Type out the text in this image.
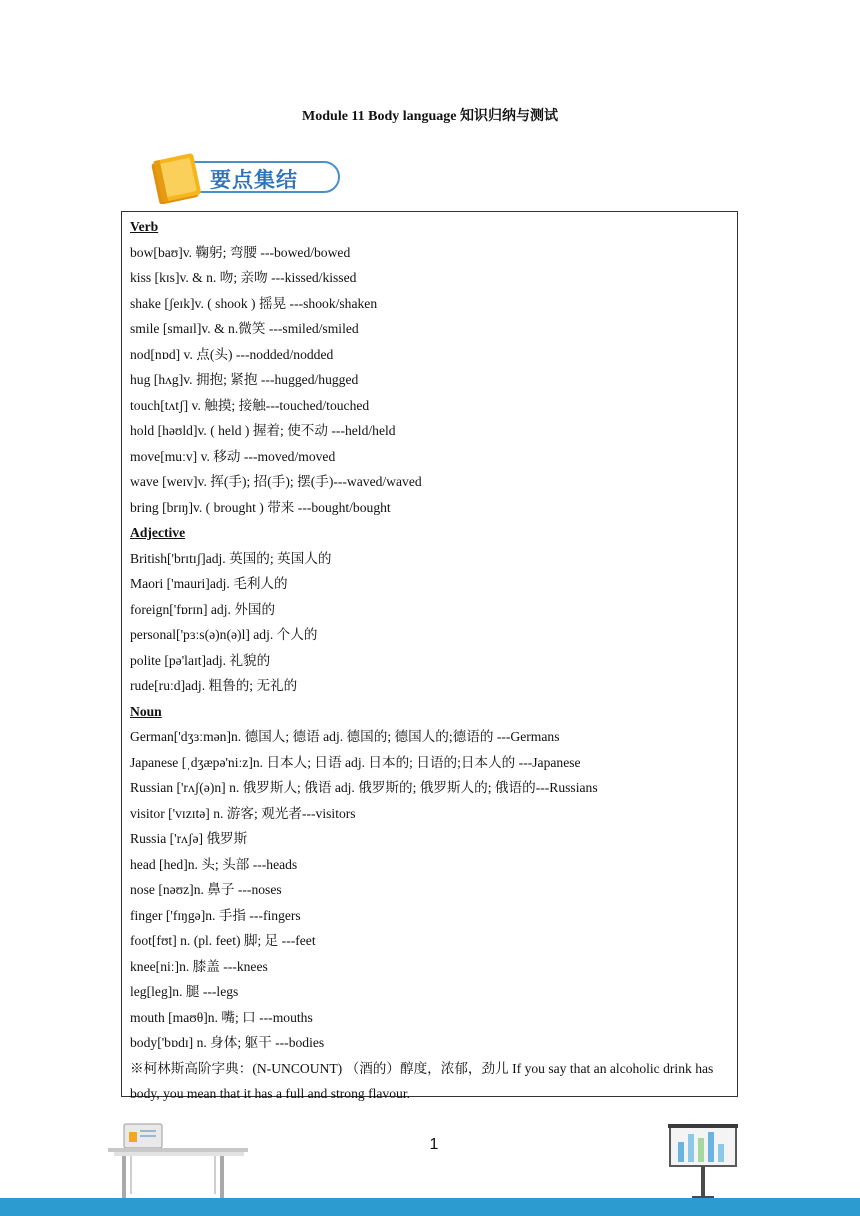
Module 11 Body language 知识归纳与测试
要点集结
Verb
bow[baʊ]v. 鞠躬; 弯腰 ---bowed/bowed
kiss [kɪs]v. & n. 吻; 亲吻 ---kissed/kissed
shake [ʃeɪk]v. ( shook ) 摇晃 ---shook/shaken
smile [smaɪl]v. & n.微笑 ---smiled/smiled
nod[nɒd] v. 点(头) ---nodded/nodded
hug [hʌg]v. 拥抱; 紧抱 ---hugged/hugged
touch[tʌtʃ] v. 触摸; 接触---touched/touched
hold [həʊld]v. ( held ) 握着; 使不动 ---held/held
move[muːv] v. 移动 ---moved/moved
wave [weɪv]v. 挥(手); 招(手); 摆(手)---waved/waved
bring [brɪŋ]v. ( brought ) 带来 ---bought/bought
Adjective
British['brɪtɪʃ]adj. 英国的; 英国人的
Maori ['mauri]adj. 毛利人的
foreign['fɒrɪn] adj. 外国的
personal['pɜːs(ə)n(ə)l] adj. 个人的
polite [pə'laɪt]adj. 礼貌的
rude[ruːd]adj. 粗鲁的; 无礼的
Noun
German['dʒɜːmən]n. 德国人; 德语 adj. 德国的; 德国人的;德语的 ---Germans
Japanese [ˌdʒæpə'niːz]n. 日本人; 日语 adj. 日本的; 日语的;日本人的 ---Japanese
Russian ['rʌʃ(ə)n] n. 俄罗斯人; 俄语 adj. 俄罗斯的; 俄罗斯人的; 俄语的---Russians
visitor ['vɪzɪtə] n. 游客; 观光者---visitors
Russia ['rʌʃə] 俄罗斯
head [hed]n. 头; 头部 ---heads
nose [nəʊz]n. 鼻子 ---noses
finger ['fɪŋgə]n. 手指 ---fingers
foot[fʊt] n. (pl. feet) 脚; 足 ---feet
knee[niː]n. 膝盖 ---knees
leg[leg]n. 腿 ---legs
mouth [maʊθ]n. 嘴; 口 ---mouths
body['bɒdɪ] n. 身体; 躯干 ---bodies
※柯林斯高阶字典：(N-UNCOUNT) （酒的）醇度，浓郁，劲儿 If you say that an alcoholic drink has body, you mean that it has a full and strong flavour.
1
